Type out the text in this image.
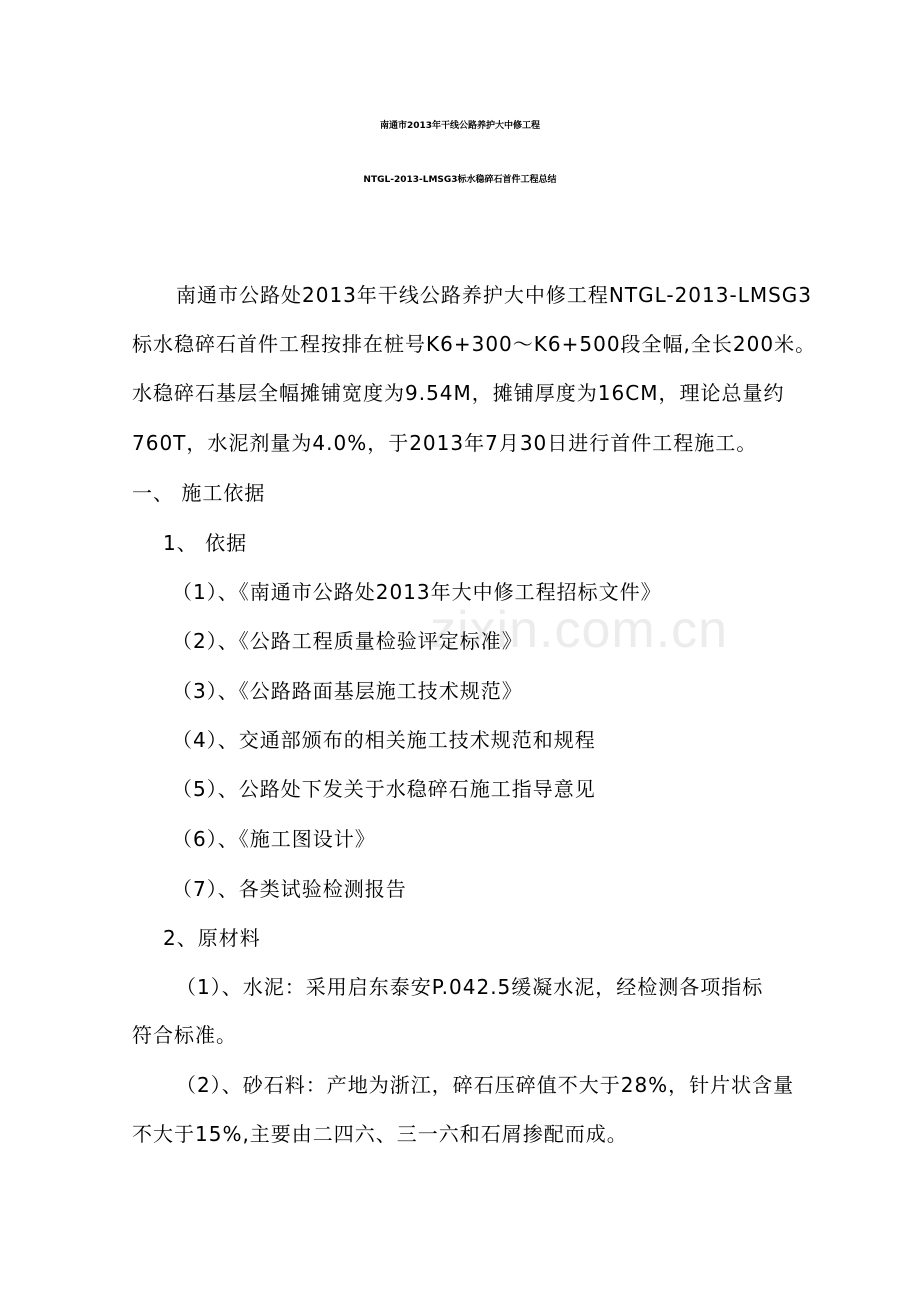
zixin.com.cn
南通市2013年干线公路养护大中修工程
NTGL-2013-LMSG3标水稳碎石首件工程总结
南通市公路处2013年干线公路养护大中修工程NTGL-2013-LMSG3
标水稳碎石首件工程按排在桩号K6+300～K6+500段全幅,全长200米。
水稳碎石基层全幅摊铺宽度为9.54M，摊铺厚度为16CM，理论总量约
760T，水泥剂量为4.0%，于2013年7月30日进行首件工程施工。
一、 施工依据
1、 依据
（1）、《南通市公路处2013年大中修工程招标文件》
（2）、《公路工程质量检验评定标准》
（3）、《公路路面基层施工技术规范》
（4）、交通部颁布的相关施工技术规范和规程
（5）、公路处下发关于水稳碎石施工指导意见
（6）、《施工图设计》
（7）、各类试验检测报告
2、原材料
（1）、水泥：采用启东泰安P.042.5缓凝水泥，经检测各项指标
符合标准。
（2）、砂石料：产地为浙江，碎石压碎值不大于28%，针片状含量
不大于15%,主要由二四六、三一六和石屑掺配而成。
